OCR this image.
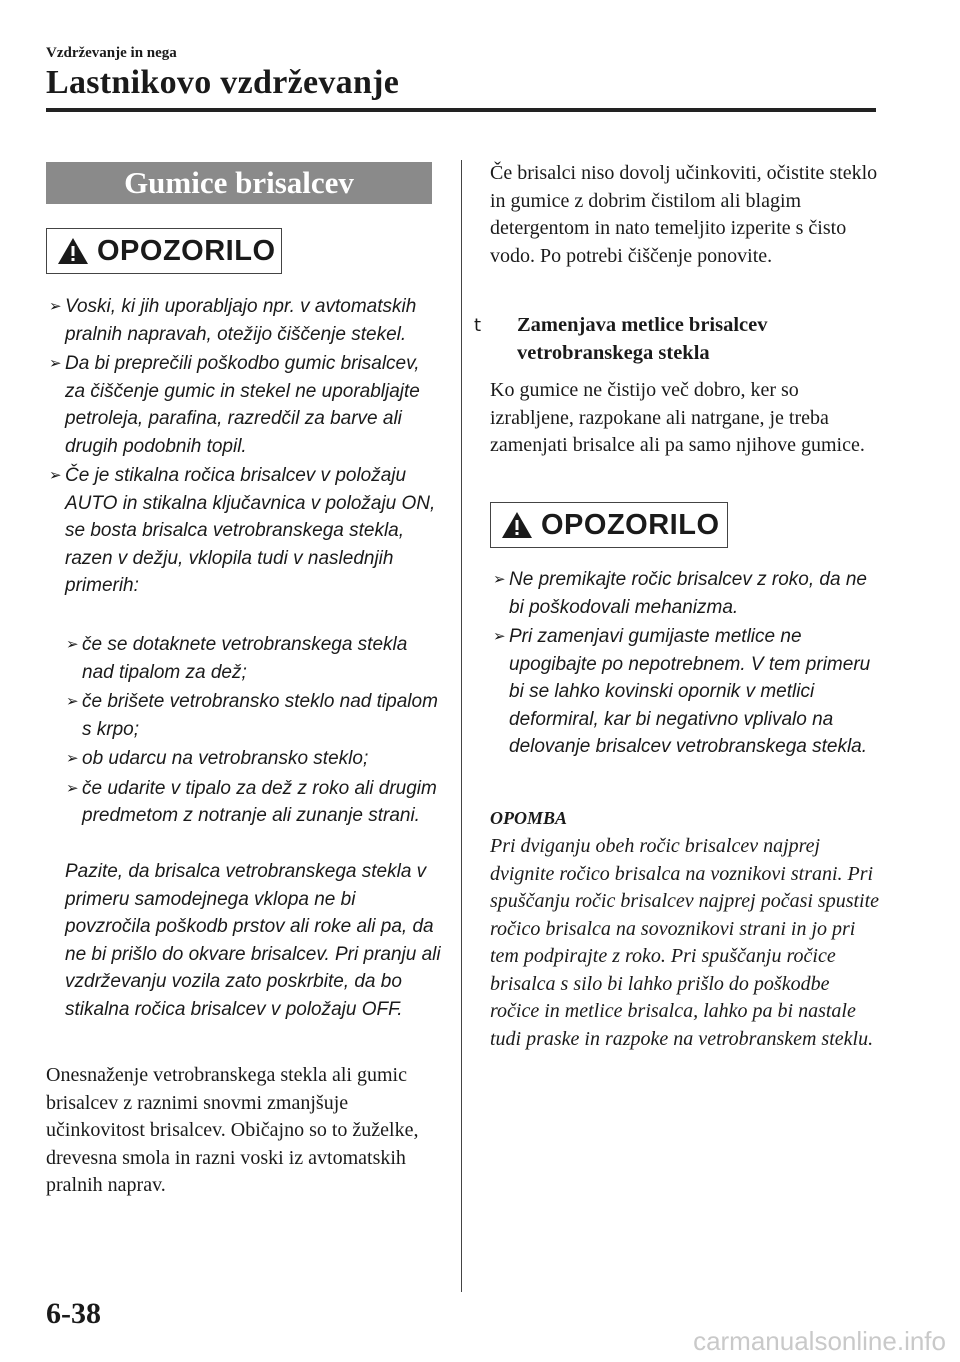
Vzdrževanje in nega
Lastnikovo vzdrževanje
Gumice brisalcev
OPOZORILO
➢ Voski, ki jih uporabljajo npr. v avtomatskih pralnih napravah, otežijo čiščenje stekel.
➢ Da bi preprečili poškodbo gumic brisalcev, za čiščenje gumic in stekel ne uporabljajte petroleja, parafina, razredčil za barve ali drugih podobnih topil.
➢ Če je stikalna ročica brisalcev v položaju AUTO in stikalna ključavnica v položaju ON, se bosta brisalca vetrobranskega stekla, razen v dežju, vklopila tudi v naslednjih primerih:
➢ če se dotaknete vetrobranskega stekla nad tipalom za dež;
➢ če brišete vetrobransko steklo nad tipalom s krpo;
➢ ob udarcu na vetrobransko steklo;
➢ če udarite v tipalo za dež z roko ali drugim predmetom z notranje ali zunanje strani.
Pazite, da brisalca vetrobranskega stekla v primeru samodejnega vklopa ne bi povzročila poškodb prstov ali roke ali pa, da ne bi prišlo do okvare brisalcev. Pri pranju ali vzdrževanju vozila zato poskrbite, da bo stikalna ročica brisalcev v položaju OFF.
Onesnaženje vetrobranskega stekla ali gumic brisalcev z raznimi snovmi zmanjšuje učinkovitost brisalcev. Običajno so to žuželke, drevesna smola in razni voski iz avtomatskih pralnih naprav.
Če brisalci niso dovolj učinkoviti, očistite steklo in gumice z dobrim čistilom ali blagim detergentom in nato temeljito izperite s čisto vodo. Po potrebi čiščenje ponovite.
t Zamenjava metlice brisalcev vetrobranskega stekla
Ko gumice ne čistijo več dobro, ker so izrabljene, razpokane ali natrgane, je treba zamenjati brisalce ali pa samo njihove gumice.
OPOZORILO
➢ Ne premikajte ročic brisalcev z roko, da ne bi poškodovali mehanizma.
➢ Pri zamenjavi gumijaste metlice ne upogibajte po nepotrebnem. V tem primeru bi se lahko kovinski opornik v metlici deformiral, kar bi negativno vplivalo na delovanje brisalcev vetrobranskega stekla.
OPOMBA
Pri dviganju obeh ročic brisalcev najprej dvignite ročico brisalca na voznikovi strani. Pri spuščanju ročic brisalcev najprej počasi spustite ročico brisalca na sovoznikovi strani in jo pri tem podpirajte z roko. Pri spuščanju ročice brisalca s silo bi lahko prišlo do poškodbe ročice in metlice brisalca, lahko pa bi nastale tudi praske in razpoke na vetrobranskem steklu.
6-38
carmanualsonline.info
